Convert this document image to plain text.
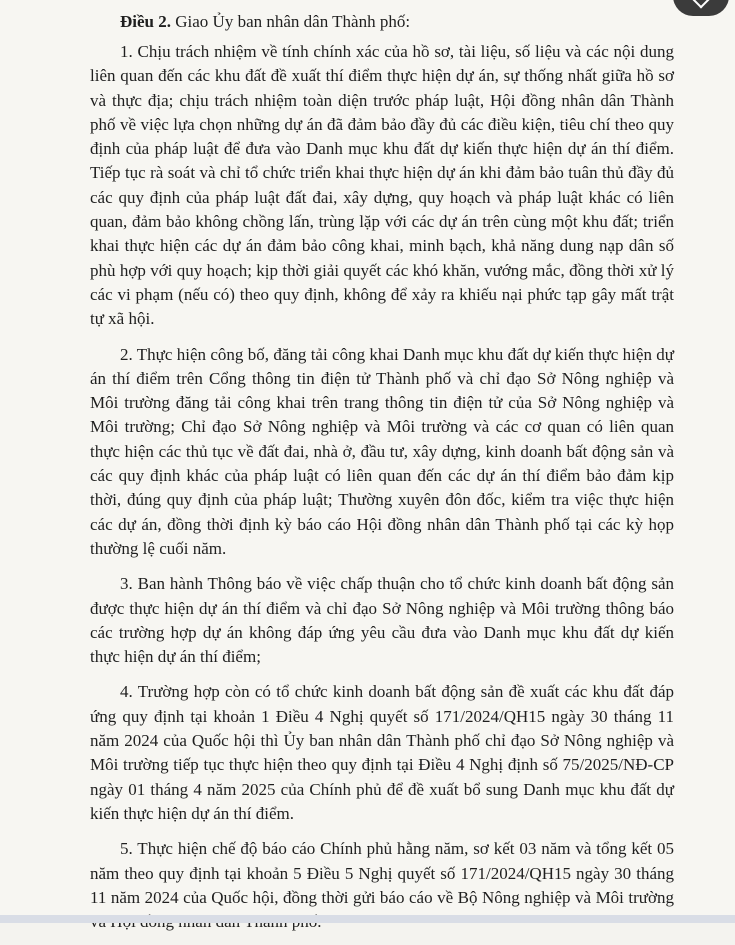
Điều 2. Giao Ủy ban nhân dân Thành phố:

1. Chịu trách nhiệm về tính chính xác của hồ sơ, tài liệu, số liệu và các nội dung liên quan đến các khu đất đề xuất thí điểm thực hiện dự án, sự thống nhất giữa hồ sơ và thực địa; chịu trách nhiệm toàn diện trước pháp luật, Hội đồng nhân dân Thành phố về việc lựa chọn những dự án đã đảm bảo đầy đủ các điều kiện, tiêu chí theo quy định của pháp luật để đưa vào Danh mục khu đất dự kiến thực hiện dự án thí điểm. Tiếp tục rà soát và chỉ tổ chức triển khai thực hiện dự án khi đảm bảo tuân thủ đầy đủ các quy định của pháp luật đất đai, xây dựng, quy hoạch và pháp luật khác có liên quan, đảm bảo không chồng lấn, trùng lặp với các dự án trên cùng một khu đất; triển khai thực hiện các dự án đảm bảo công khai, minh bạch, khả năng dung nạp dân số phù hợp với quy hoạch; kịp thời giải quyết các khó khăn, vướng mắc, đồng thời xử lý các vi phạm (nếu có) theo quy định, không để xảy ra khiếu nại phức tạp gây mất trật tự xã hội.

2. Thực hiện công bố, đăng tải công khai Danh mục khu đất dự kiến thực hiện dự án thí điểm trên Cổng thông tin điện tử Thành phố và chỉ đạo Sở Nông nghiệp và Môi trường đăng tải công khai trên trang thông tin điện tử của Sở Nông nghiệp và Môi trường; Chỉ đạo Sở Nông nghiệp và Môi trường và các cơ quan có liên quan thực hiện các thủ tục về đất đai, nhà ở, đầu tư, xây dựng, kinh doanh bất động sản và các quy định khác của pháp luật có liên quan đến các dự án thí điểm bảo đảm kịp thời, đúng quy định của pháp luật; Thường xuyên đôn đốc, kiểm tra việc thực hiện các dự án, đồng thời định kỳ báo cáo Hội đồng nhân dân Thành phố tại các kỳ họp thường lệ cuối năm.

3. Ban hành Thông báo về việc chấp thuận cho tổ chức kinh doanh bất động sản được thực hiện dự án thí điểm và chỉ đạo Sở Nông nghiệp và Môi trường thông báo các trường hợp dự án không đáp ứng yêu cầu đưa vào Danh mục khu đất dự kiến thực hiện dự án thí điểm;

4. Trường hợp còn có tổ chức kinh doanh bất động sản đề xuất các khu đất đáp ứng quy định tại khoản 1 Điều 4 Nghị quyết số 171/2024/QH15 ngày 30 tháng 11 năm 2024 của Quốc hội thì Ủy ban nhân dân Thành phố chỉ đạo Sở Nông nghiệp và Môi trường tiếp tục thực hiện theo quy định tại Điều 4 Nghị định số 75/2025/NĐ-CP ngày 01 tháng 4 năm 2025 của Chính phủ để đề xuất bổ sung Danh mục khu đất dự kiến thực hiện dự án thí điểm.

5. Thực hiện chế độ báo cáo Chính phủ hằng năm, sơ kết 03 năm và tổng kết 05 năm theo quy định tại khoản 5 Điều 5 Nghị quyết số 171/2024/QH15 ngày 30 tháng 11 năm 2024 của Quốc hội, đồng thời gửi báo cáo về Bộ Nông nghiệp và Môi trường
